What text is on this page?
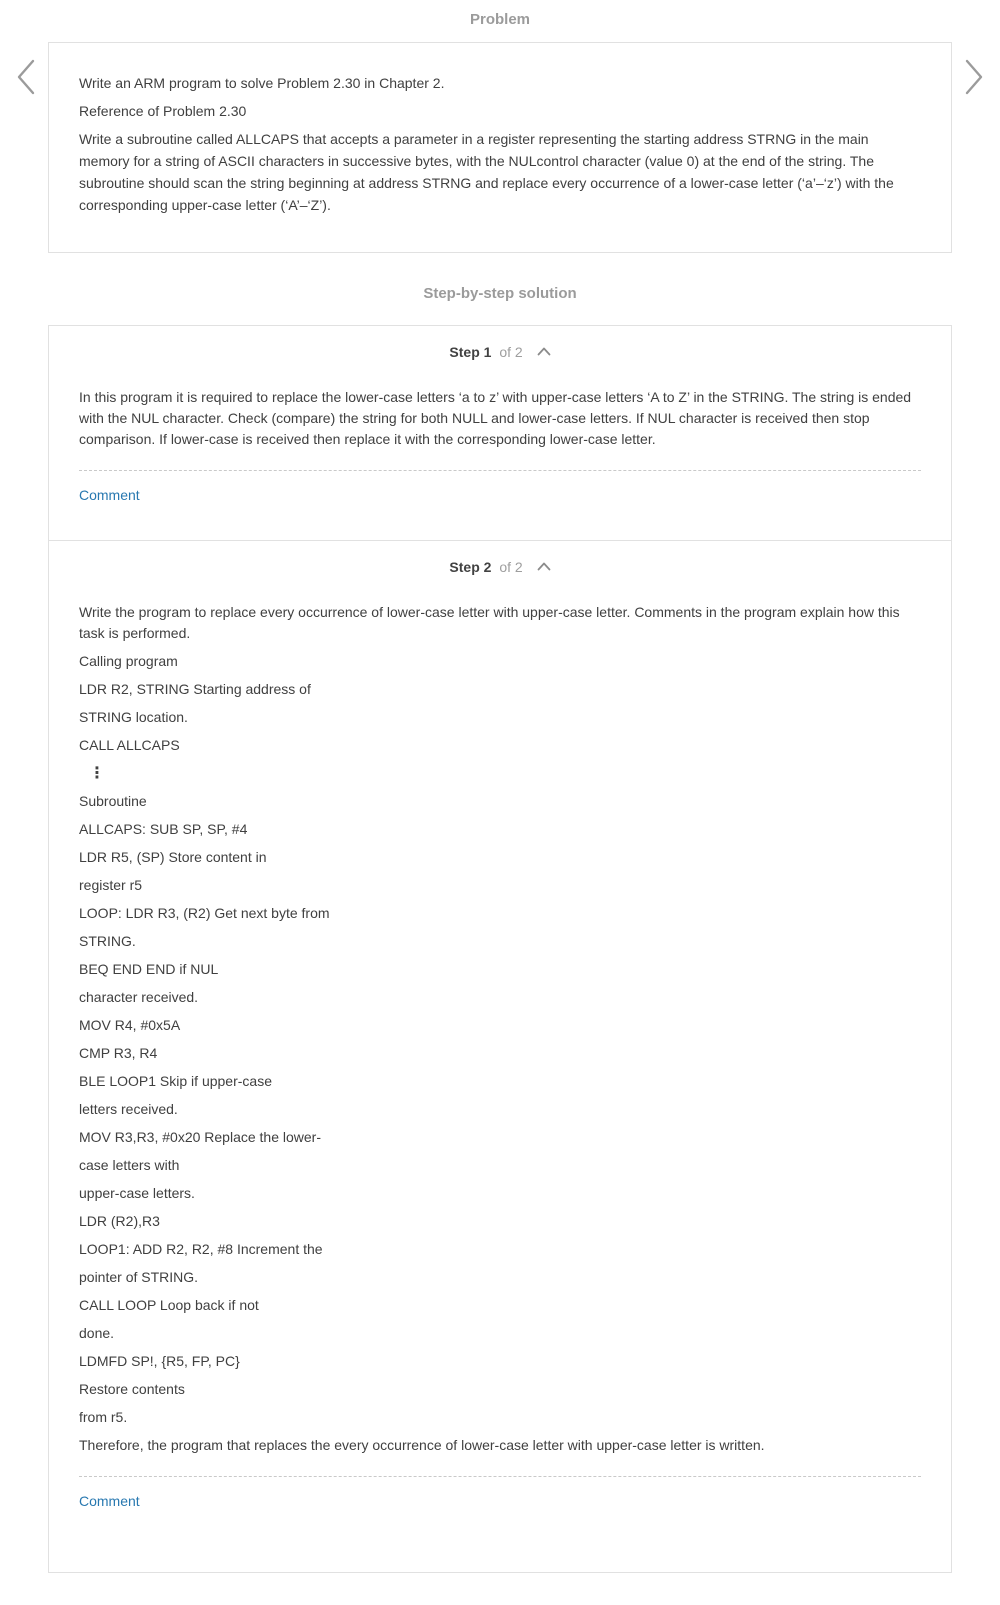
Problem

Write an ARM program to solve Problem 2.30 in Chapter 2.

Reference of Problem 2.30

Write a subroutine called ALLCAPS that accepts a parameter in a register representing the starting address STRNG in the main memory for a string of ASCII characters in successive bytes, with the NULcontrol character (value 0) at the end of the string. The subroutine should scan the string beginning at address STRNG and replace every occurrence of a lower-case letter (‘a’–‘z’) with the corresponding upper-case letter (‘A’–‘Z’).

Step-by-step solution
Step 1 of 2

In this program it is required to replace the lower-case letters ‘a to z’ with upper-case letters ‘A to Z’ in the STRING. The string is ended with the NUL character. Check (compare) the string for both NULL and lower-case letters. If NUL character is received then stop comparison. If lower-case is received then replace it with the corresponding lower-case letter.

Comment
Step 2 of 2

Write the program to replace every occurrence of lower-case letter with upper-case letter. Comments in the program explain how this task is performed.

Calling program

LDR R2, STRING Starting address of

STRING location.

CALL ALLCAPS

⋮

Subroutine

ALLCAPS: SUB SP, SP, #4

LDR R5, (SP) Store content in

register r5

LOOP: LDR R3, (R2) Get next byte from

STRING.

BEQ END END if NUL

character received.

MOV R4, #0x5A

CMP R3, R4

BLE LOOP1 Skip if upper-case

letters received.

MOV R3,R3, #0x20 Replace the lower-

case letters with

upper-case letters.

LDR (R2),R3

LOOP1: ADD R2, R2, #8 Increment the

pointer of STRING.

CALL LOOP Loop back if not

done.

LDMFD SP!, {R5, FP, PC}

Restore contents

from r5.

Therefore, the program that replaces the every occurrence of lower-case letter with upper-case letter is written.

Comment
